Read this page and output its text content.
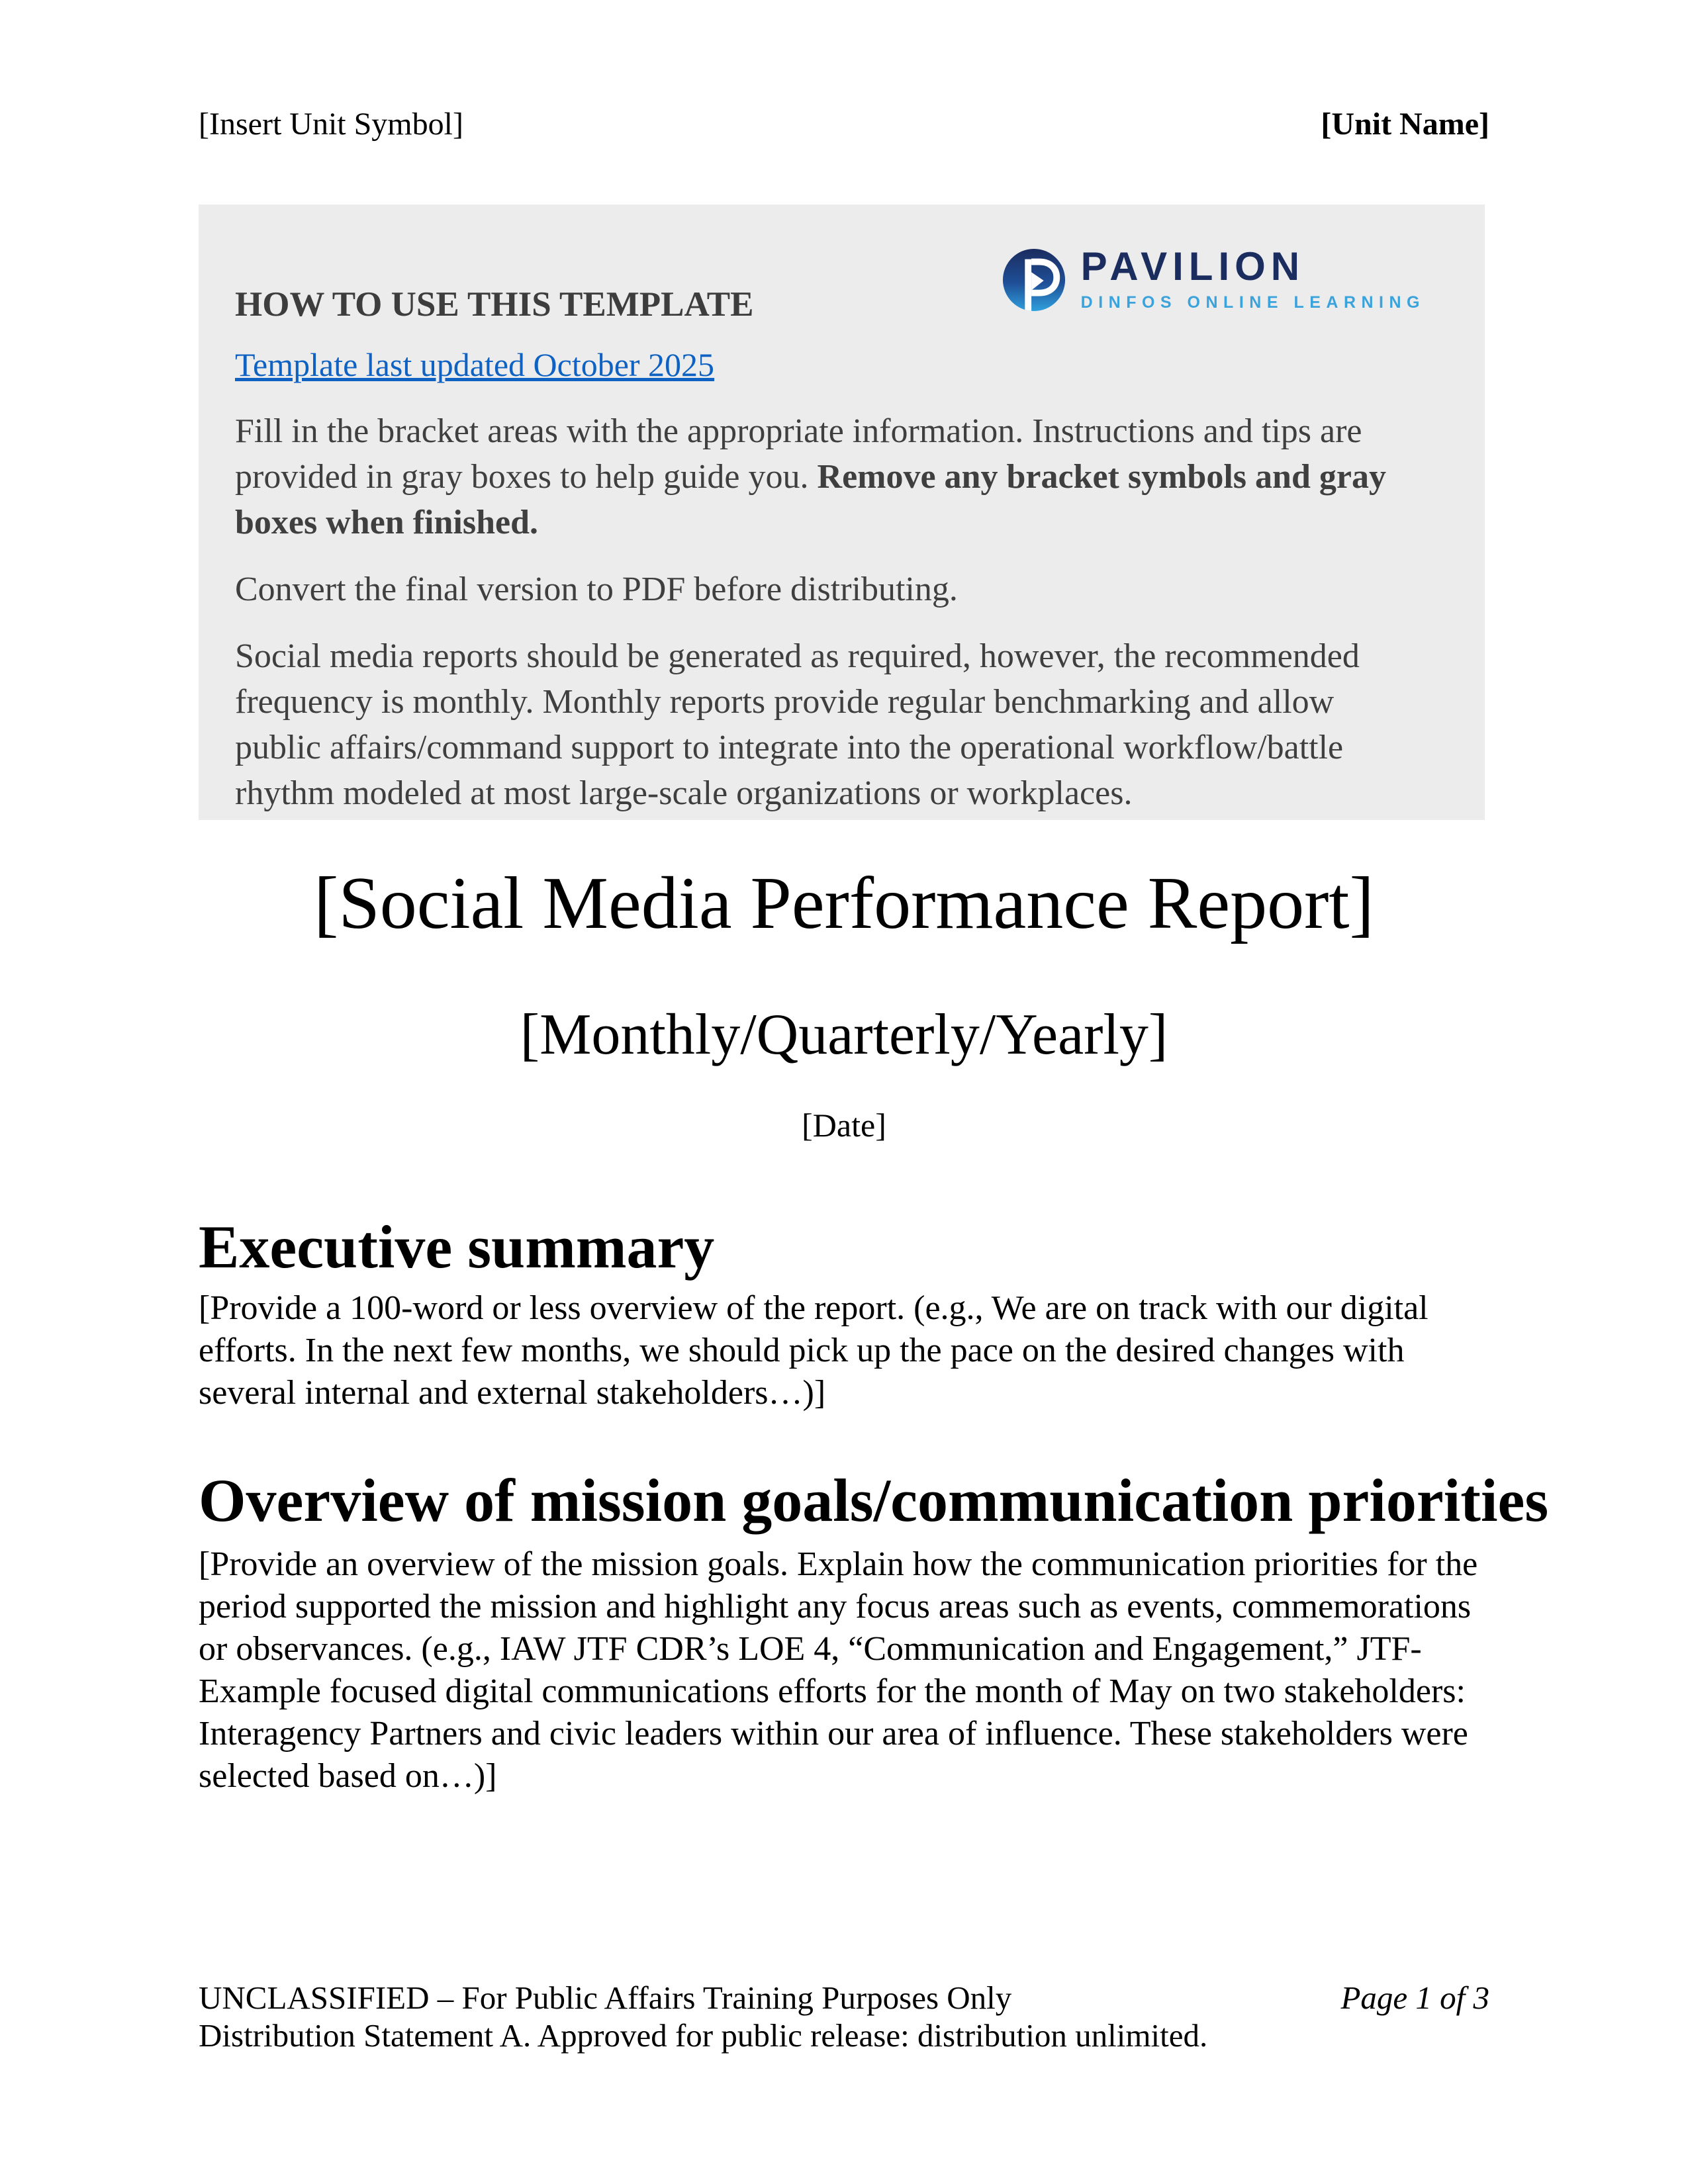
[Insert Unit Symbol]	[Unit Name]
HOW TO USE THIS TEMPLATE
PAVILION
DINFOS ONLINE LEARNING
Template last updated October 2025

Fill in the bracket areas with the appropriate information. Instructions and tips are provided in gray boxes to help guide you. Remove any bracket symbols and gray boxes when finished.

Convert the final version to PDF before distributing.

Social media reports should be generated as required, however, the recommended frequency is monthly. Monthly reports provide regular benchmarking and allow public affairs/command support to integrate into the operational workflow/battle rhythm modeled at most large-scale organizations or workplaces.

[Social Media Performance Report]
[Monthly/Quarterly/Yearly]
[Date]
Executive summary

[Provide a 100-word or less overview of the report. (e.g., We are on track with our digital efforts. In the next few months, we should pick up the pace on the desired changes with several internal and external stakeholders…)]

Overview of mission goals/communication priorities

[Provide an overview of the mission goals. Explain how the communication priorities for the period supported the mission and highlight any focus areas such as events, commemorations or observances. (e.g., IAW JTF CDR’s LOE 4, “Communication and Engagement,” JTF-Example focused digital communications efforts for the month of May on two stakeholders: Interagency Partners and civic leaders within our area of influence. These stakeholders were selected based on…)]

UNCLASSIFIED – For Public Affairs Training Purposes Only
Distribution Statement A. Approved for public release: distribution unlimited.
Page 1 of 3
